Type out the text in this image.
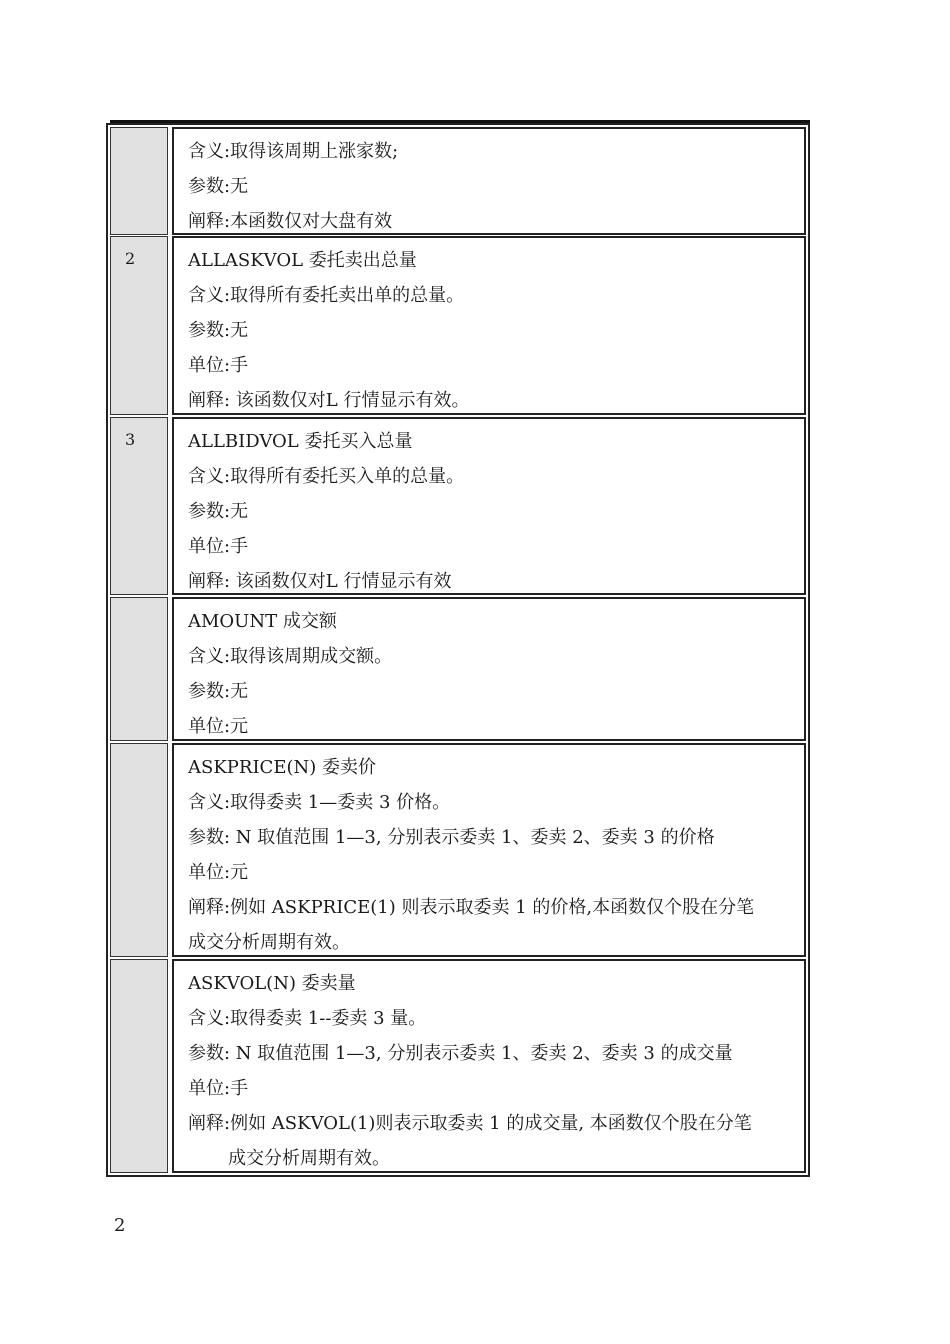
含义:取得该周期上涨家数;
参数:无
阐释:本函数仅对大盘有效
2	ALLASKVOL 委托卖出总量
含义:取得所有委托卖出单的总量。
参数:无
单位:手
阐释: 该函数仅对L 行情显示有效。
3	ALLBIDVOL 委托买入总量
含义:取得所有委托买入单的总量。
参数:无
单位:手
阐释: 该函数仅对L 行情显示有效
AMOUNT 成交额
含义:取得该周期成交额。
参数:无
单位:元
ASKPRICE(N) 委卖价
含义:取得委卖 1—委卖 3 价格。
参数: N 取值范围 1—3, 分别表示委卖 1、委卖 2、委卖 3 的价格
单位:元
阐释:例如 ASKPRICE(1) 则表示取委卖 1 的价格,本函数仅个股在分笔
成交分析周期有效。
ASKVOL(N) 委卖量
含义:取得委卖 1--委卖 3 量。
参数: N 取值范围 1—3, 分别表示委卖 1、委卖 2、委卖 3 的成交量
单位:手
阐释:例如 ASKVOL(1)则表示取委卖 1 的成交量, 本函数仅个股在分笔
成交分析周期有效。
2
